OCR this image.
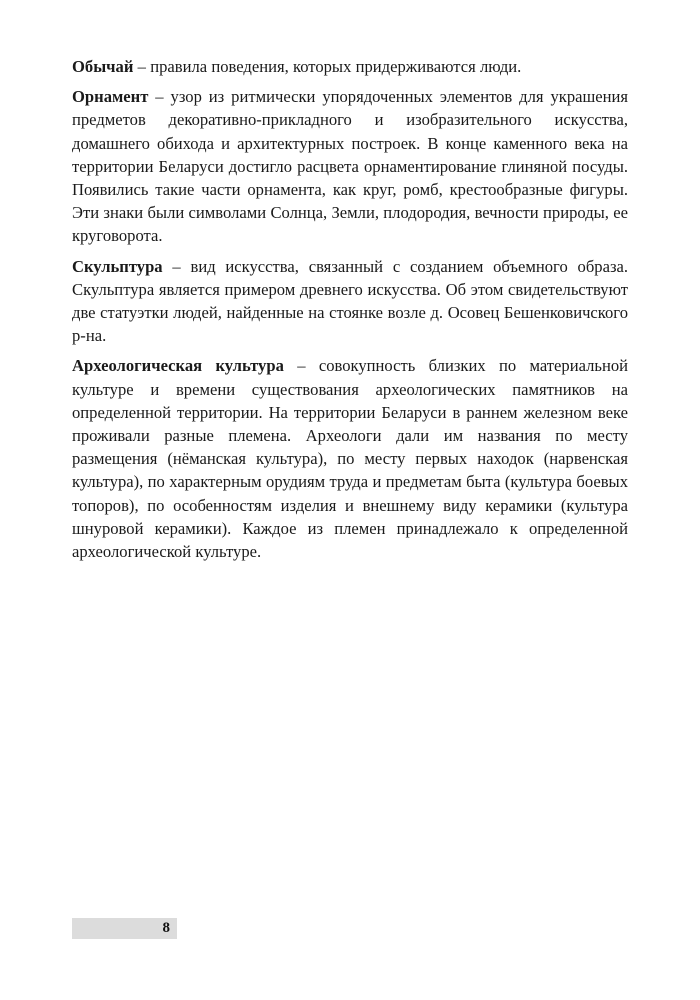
Обычай – правила поведения, которых придерживаются люди.

Орнамент – узор из ритмически упорядоченных элементов для украшения предметов декоративно-прикладного и изобразительного искусства, домашнего обихода и архитектурных построек. В конце каменного века на территории Беларуси достигло расцвета орнаментирование глиняной посуды. Появились такие части орнамента, как круг, ромб, крестообразные фигуры. Эти знаки были символами Солнца, Земли, плодородия, вечности природы, ее круговорота.

Скульптура – вид искусства, связанный с созданием объемного образа. Скульптура является примером древнего искусства. Об этом свидетельствуют две статуэтки людей, найденные на стоянке возле д. Осовец Бешенковичского р-на.

Археологическая культура – совокупность близких по материальной культуре и времени существования археологических памятников на определенной территории. На территории Беларуси в раннем железном веке проживали разные племена. Археологи дали им названия по месту размещения (нёманская культура), по месту первых находок (нарвенская культура), по характерным орудиям труда и предметам быта (культура боевых топоров), по особенностям изделия и внешнему виду керамики (культура шнуровой керамики). Каждое из племен принадлежало к определенной археологической культуре.

8
